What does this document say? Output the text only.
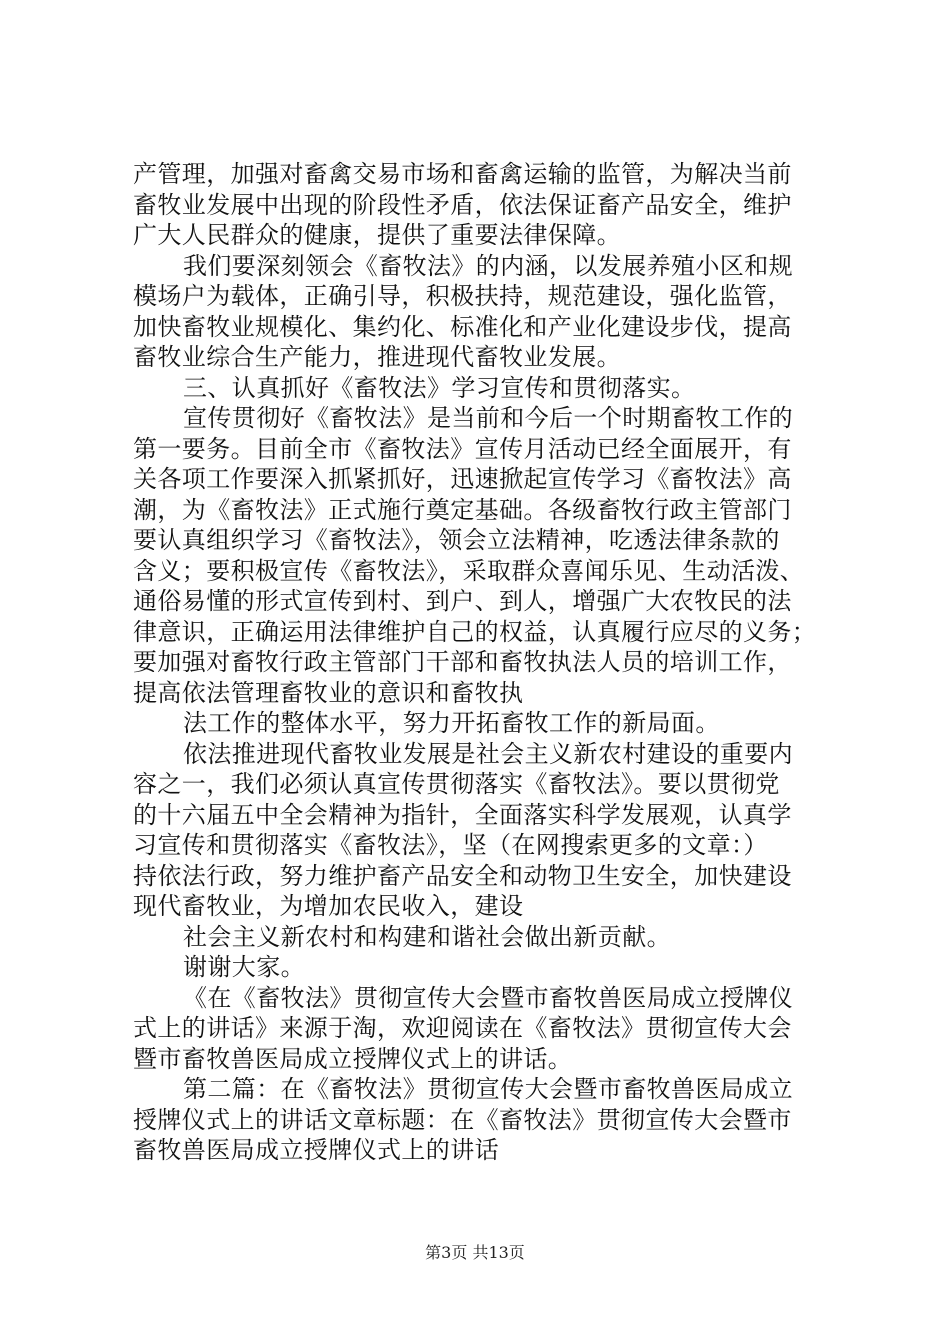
产管理，加强对畜禽交易市场和畜禽运输的监管，为解决当前
畜牧业发展中出现的阶段性矛盾，依法保证畜产品安全，维护
广大人民群众的健康，提供了重要法律保障。
我们要深刻领会《畜牧法》的内涵，以发展养殖小区和规
模场户为载体，正确引导，积极扶持，规范建设，强化监管，
加快畜牧业规模化、集约化、标准化和产业化建设步伐，提高
畜牧业综合生产能力，推进现代畜牧业发展。
三、认真抓好《畜牧法》学习宣传和贯彻落实。
宣传贯彻好《畜牧法》是当前和今后一个时期畜牧工作的
第一要务。目前全市《畜牧法》宣传月活动已经全面展开，有
关各项工作要深入抓紧抓好，迅速掀起宣传学习《畜牧法》高
潮，为《畜牧法》正式施行奠定基础。各级畜牧行政主管部门
要认真组织学习《畜牧法》，领会立法精神，吃透法律条款的
含义；要积极宣传《畜牧法》，采取群众喜闻乐见、生动活泼、
通俗易懂的形式宣传到村、到户、到人，增强广大农牧民的法
律意识，正确运用法律维护自己的权益，认真履行应尽的义务；
要加强对畜牧行政主管部门干部和畜牧执法人员的培训工作，
提高依法管理畜牧业的意识和畜牧执
法工作的整体水平，努力开拓畜牧工作的新局面。
依法推进现代畜牧业发展是社会主义新农村建设的重要内
容之一，我们必须认真宣传贯彻落实《畜牧法》。要以贯彻党
的十六届五中全会精神为指针，全面落实科学发展观，认真学
习宣传和贯彻落实《畜牧法》，坚（在网搜索更多的文章：）
持依法行政，努力维护畜产品安全和动物卫生安全，加快建设
现代畜牧业，为增加农民收入，建设
社会主义新农村和构建和谐社会做出新贡献。
谢谢大家。
《在《畜牧法》贯彻宣传大会暨市畜牧兽医局成立授牌仪
式上的讲话》来源于淘，欢迎阅读在《畜牧法》贯彻宣传大会
暨市畜牧兽医局成立授牌仪式上的讲话。
第二篇：在《畜牧法》贯彻宣传大会暨市畜牧兽医局成立
授牌仪式上的讲话文章标题：在《畜牧法》贯彻宣传大会暨市
畜牧兽医局成立授牌仪式上的讲话
第3页 共13页
